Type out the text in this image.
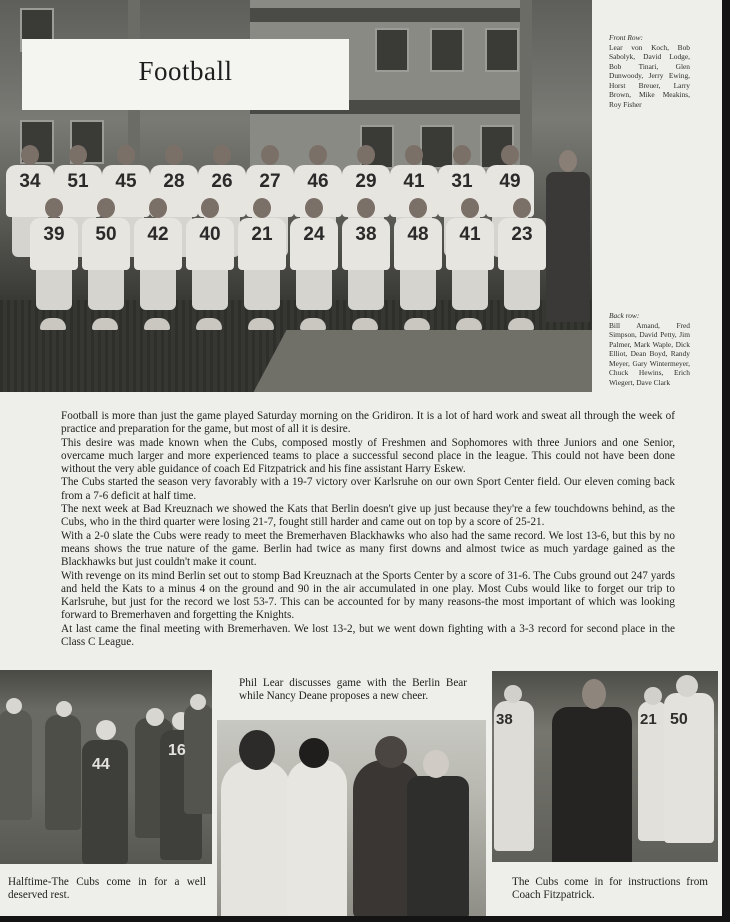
34	51	45	28	26	27	46	29	41	31	49
39	50	42	40	21	24	38	48	41	23
Football
Front Row:
Lear von Koch, Bob Sabolyk, David Lodge, Bob Tinari, Glen Dunwoody, Jerry Ewing, Horst Breuer, Larry Brown, Mike Meakins, Roy Fisher
Back row:
Bill Amand, Fred Simpson, David Petty, Jim Palmer, Mark Waple, Dick Elliot, Dean Boyd, Randy Meyer, Gary Wintermeyer, Chuck Hewins, Erich Wiegert, Dave Clark

Football is more than just the game played Saturday morning on the Gridiron. It is a lot of hard work and sweat all through the week of practice and preparation for the game, but most of all it is desire.

This desire was made known when the Cubs, composed mostly of Freshmen and Sophomores with three Juniors and one Senior, overcame much larger and more experienced teams to place a successful second place in the league. This could not have been done without the very able guidance of coach Ed Fitzpatrick and his fine assistant Harry Eskew.

The Cubs started the season very favorably with a 19-7 victory over Karlsruhe on our own Sport Center field. Our eleven coming back from a 7-6 deficit at half time.

The next week at Bad Kreuznach we showed the Kats that Berlin doesn't give up just because they're a few touchdowns behind, as the Cubs, who in the third quarter were losing 21-7, fought still harder and came out on top by a score of 25-21.

With a 2-0 slate the Cubs were ready to meet the Bremerhaven Blackhawks who also had the same record. We lost 13-6, but this by no means shows the true nature of the game. Berlin had twice as many first downs and almost twice as much yardage gained as the Blackhawks but just couldn't make it count.

With revenge on its mind Berlin set out to stomp Bad Kreuznach at the Sports Center by a score of 31-6. The Cubs ground out 247 yards and held the Kats to a minus 4 on the ground and 90 in the air accumulated in one play. Most Cubs would like to forget our trip to Karlsruhe, but just for the record we lost 53-7. This can be accounted for by many reasons-the most important of which was looking forward to Bremerhaven and forgetting the Knights.

At last came the final meeting with Bremerhaven. We lost 13-2, but we went down fighting with a 3-3 record for second place in the Class C League.

44
16
38	21 50
Halftime-The Cubs come in for a well deserved rest.
Phil Lear discusses game with the Berlin Bear while Nancy Deane proposes a new cheer.
The Cubs come in for instructions from Coach Fitzpatrick.
